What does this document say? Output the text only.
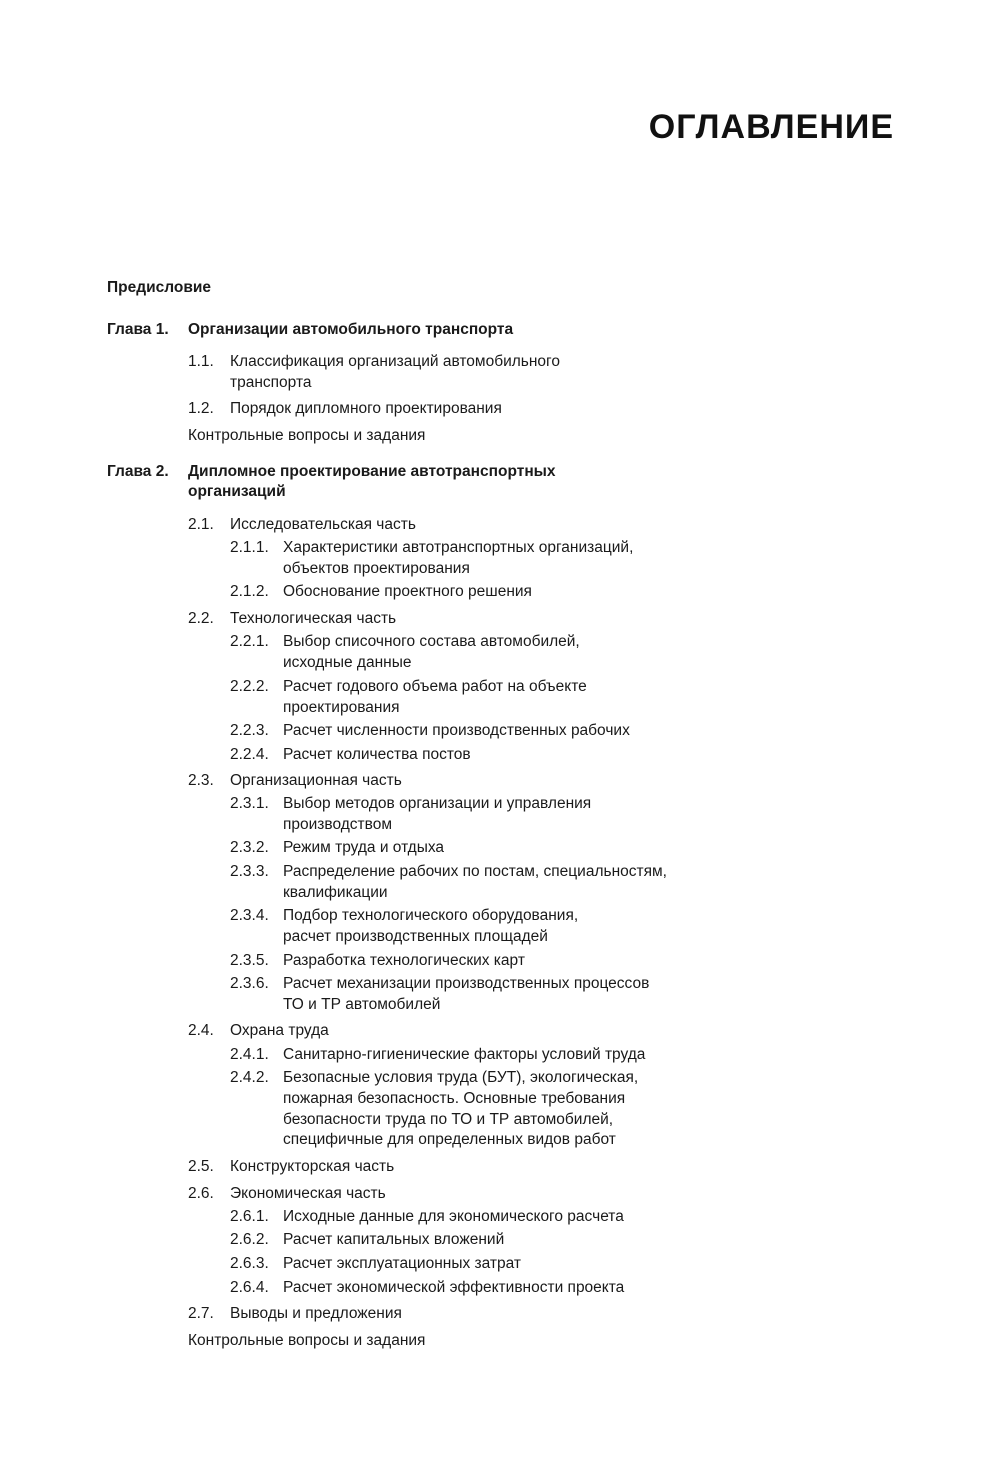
ОГЛАВЛЕНИЕ
Предисловие
Глава 1. Организации автомобильного транспорта
1.1. Классификация организаций автомобильного
транспорта
1.2. Порядок дипломного проектирования
Контрольные вопросы и задания
Глава 2. Дипломное проектирование автотранспортных
организаций
2.1. Исследовательская часть
2.1.1. Характеристики автотранспортных организаций,
объектов проектирования
2.1.2. Обоснование проектного решения
2.2. Технологическая часть
2.2.1. Выбор списочного состава автомобилей,
исходные данные
2.2.2. Расчет годового объема работ на объекте
проектирования
2.2.3. Расчет численности производственных рабочих
2.2.4. Расчет количества постов
2.3. Организационная часть
2.3.1. Выбор методов организации и управления
производством
2.3.2. Режим труда и отдыха
2.3.3. Распределение рабочих по постам, специальностям,
квалификации
2.3.4. Подбор технологического оборудования,
расчет производственных площадей
2.3.5. Разработка технологических карт
2.3.6. Расчет механизации производственных процессов
ТО и ТР автомобилей
2.4. Охрана труда
2.4.1. Санитарно-гигиенические факторы условий труда
2.4.2. Безопасные условия труда (БУТ), экологическая,
пожарная безопасность. Основные требования
безопасности труда по ТО и ТР автомобилей,
специфичные для определенных видов работ
2.5. Конструкторская часть
2.6. Экономическая часть
2.6.1. Исходные данные для экономического расчета
2.6.2. Расчет капитальных вложений
2.6.3. Расчет эксплуатационных затрат
2.6.4. Расчет экономической эффективности проекта
2.7. Выводы и предложения
Контрольные вопросы и задания
